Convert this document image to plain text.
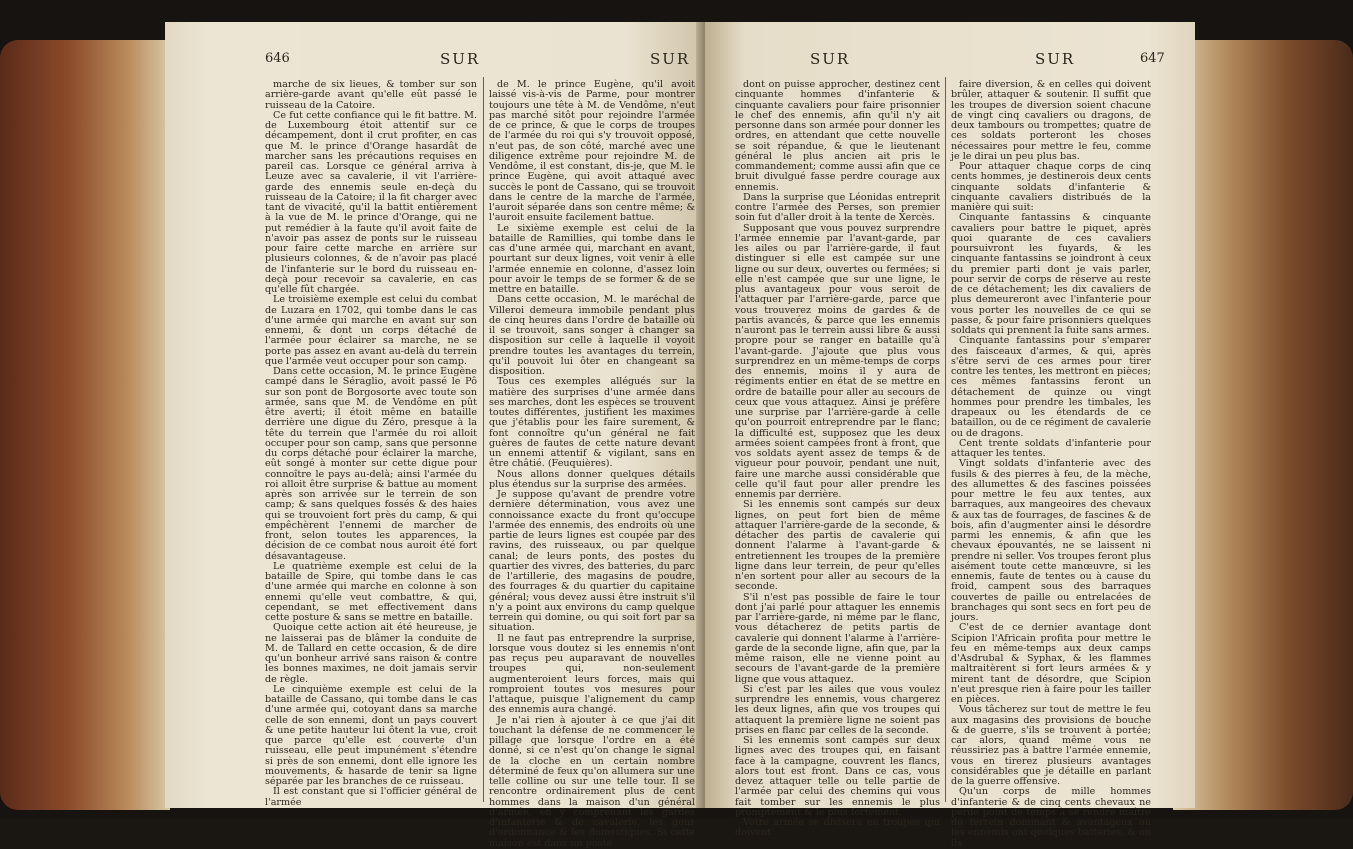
646	SUR	SUR

marche de six lieues, & tomber sur son arrière-garde avant qu'elle eût passé le ruisseau de la Catoire.

Ce fut cette confiance qui le fit battre. M. de Luxembourg étoit attentif sur ce décampement, dont il crut profiter, en cas que M. le prince d'Orange hasardât de marcher sans les précautions requises en pareil cas. Lorsque ce général arriva à Leuze avec sa cavalerie, il vit l'arrière-garde des ennemis seule en-deçà du ruisseau de la Catoire; il la fit charger avec tant de vivacité, qu'il la battit entièrement à la vue de M. le prince d'Orange, qui ne put remédier à la faute qu'il avoit faite de n'avoir pas assez de ponts sur le ruisseau pour faire cette marche en arrière sur plusieurs colonnes, & de n'avoir pas placé de l'infanterie sur le bord du ruisseau en-deçà pour recevoir sa cavalerie, en cas qu'elle fût chargée.

Le troisième exemple est celui du combat de Luzara en 1702, qui tombe dans le cas d'une armée qui marche en avant sur son ennemi, & dont un corps détaché de l'armée pour éclairer sa marche, ne se porte pas assez en avant au-delà du terrein que l'armée veut occuper pour son camp.

Dans cette occasion, M. le prince Eugène campé dans le Séraglio, avoit passé le Pô sur son pont de Borgosorte avec toute son armée, sans que M. de Vendôme en pût être averti; il étoit même en bataille derrière une digue du Zéro, presque à la tête du terrein que l'armée du roi alloit occuper pour son camp, sans que personne du corps détaché pour éclairer la marche, eût songé à monter sur cette digue pour connoître le pays au-delà; ainsi l'armée du roi alloit être surprise & battue au moment après son arrivée sur le terrein de son camp; & sans quelques fossés & des haies qui se trouvoient fort près du camp, & qui empêchèrent l'ennemi de marcher de front, selon toutes les apparences, la décision de ce combat nous auroit été fort désavantageuse.

Le quatrième exemple est celui de la bataille de Spire, qui tombe dans le cas d'une armée qui marche en colonne à son ennemi qu'elle veut combattre, & qui, cependant, se met effectivement dans cette posture & sans se mettre en bataille.

Quoique cette action ait été heureuse, je ne laisserai pas de blâmer la conduite de M. de Tallard en cette occasion, & de dire qu'un bonheur arrivé sans raison & contre les bonnes maximes, ne doit jamais servir de règle.

Le cinquième exemple est celui de la bataille de Cassano, qui tombe dans le cas d'une armée qui, cotoyant dans sa marche celle de son ennemi, dont un pays couvert & une petite hauteur lui ôtent la vue, croit que parce qu'elle est couverte d'un ruisseau, elle peut impunément s'étendre si près de son ennemi, dont elle ignore les mouvements, & hasarde de tenir sa ligne séparée par les branches de ce ruisseau.

Il est constant que si l'officier général de l'armée

de M. le prince Eugène, qu'il avoit laissé vis-à-vis de Parme, pour montrer toujours une tête à M. de Vendôme, n'eut pas marché sitôt pour rejoindre l'armée de ce prince, & que le corps de troupes de l'armée du roi qui s'y trouvoit opposé, n'eut pas, de son côté, marché avec une diligence extrême pour rejoindre M. de Vendôme, il est constant, dis-je, que M. le prince Eugène, qui avoit attaqué avec succès le pont de Cassano, qui se trouvoit dans le centre de la marche de l'armée, l'auroit séparée dans son centre même; & l'auroit ensuite facilement battue.

Le sixième exemple est celui de la bataille de Ramillies, qui tombe dans le cas d'une armée qui, marchant en avant, pourtant sur deux lignes, voit venir à elle l'armée ennemie en colonne, d'assez loin pour avoir le temps de se former & de se mettre en bataille.

Dans cette occasion, M. le maréchal de Villeroi demeura immobile pendant plus de cinq heures dans l'ordre de bataille où il se trouvoit, sans songer à changer sa disposition sur celle à laquelle il voyoit prendre toutes les avantages du terrein, qu'il pouvoit lui ôter en changeant sa disposition.

Tous ces exemples allégués sur la matière des surprises d'une armée dans ses marches, dont les espèces se trouvent toutes différentes, justifient les maximes que j'établis pour les faire surement, & font connoître qu'un général ne fait guères de fautes de cette nature devant un ennemi attentif & vigilant, sans en être châtié. (Feuquières).

Nous allons donner quelques détails plus étendus sur la surprise des armées.

Je suppose qu'avant de prendre votre dernière détermination, vous avez une connoissance exacte du front qu'occupe l'armée des ennemis, des endroits où une partie de leurs lignes est coupée par des ravins, des ruisseaux, ou par quelque canal; de leurs ponts, des postes du quartier des vivres, des batteries, du parc de l'artillerie, des magasins de poudre, des fourrages & du quartier du capitaine général; vous devez aussi être instruit s'il n'y a point aux environs du camp quelque terrein qui domine, ou qui soit fort par sa situation.

Il ne faut pas entreprendre la surprise, lorsque vous doutez si les ennemis n'ont pas reçus peu auparavant de nouvelles troupes qui, non-seulement augmenteroient leurs forces, mais qui romproient toutes vos mesures pour l'attaque, puisque l'alignement du camp des ennemis aura changé.

Je n'ai rien à ajouter à ce que j'ai dit touchant la défense de ne commencer le pillage que lorsque l'ordre en a été donné, si ce n'est qu'on change le signal de la cloche en un certain nombre déterminé de feux qu'on allumera sur une telle colline ou sur une telle tour. Il se rencontre ordinairement plus de cent hommes dans la maison d'un général d'armée, en y comprenant les gardes d'infanterie & de cavalerie, les gens d'ordonnance & les domestiques. Si cette maison est dans un poste

SUR	SUR	647

dont on puisse approcher, destinez cent cinquante hommes d'infanterie & cinquante cavaliers pour faire prisonnier le chef des ennemis, afin qu'il n'y ait personne dans son armée pour donner les ordres, en attendant que cette nouvelle se soit répandue, & que le lieutenant général le plus ancien ait pris le commandement; comme aussi afin que ce bruit divulgué fasse perdre courage aux ennemis.

Dans la surprise que Léonidas entreprit contre l'armée des Perses, son premier soin fut d'aller droit à la tente de Xercès.

Supposant que vous pouvez surprendre l'armée ennemie par l'avant-garde, par les ailes ou par l'arrière-garde, il faut distinguer si elle est campée sur une ligne ou sur deux, ouvertes ou fermées; si elle n'est campée que sur une ligne, le plus avantageux pour vous seroit de l'attaquer par l'arrière-garde, parce que vous trouverez moins de gardes & de partis avancés, & parce que les ennemis n'auront pas le terrein aussi libre & aussi propre pour se ranger en bataille qu'à l'avant-garde. J'ajoute que plus vous surprendrez en un même-temps de corps des ennemis, moins il y aura de régiments entier en état de se mettre en ordre de bataille pour aller au secours de ceux que vous attaquez. Ainsi je préfère une surprise par l'arrière-garde à celle qu'on pourroit entreprendre par le flanc; la difficulté est, supposez que les deux armées soient campées front à front, que vos soldats ayent assez de temps & de vigueur pour pouvoir, pendant une nuit, faire une marche aussi considérable que celle qu'il faut pour aller prendre les ennemis par derrière.

Si les ennemis sont campés sur deux lignes, on peut fort bien de même attaquer l'arrière-garde de la seconde, & détacher des partis de cavalerie qui donnent l'alarme à l'avant-garde & entretiennent les troupes de la première ligne dans leur terrein, de peur qu'elles n'en sortent pour aller au secours de la seconde.

S'il n'est pas possible de faire le tour dont j'ai parlé pour attaquer les ennemis par l'arrière-garde, ni même par le flanc, vous détacherez de petits partis de cavalerie qui donnent l'alarme à l'arrière-garde de la seconde ligne, afin que, par la même raison, elle ne vienne point au secours de l'avant-garde de la première ligne que vous attaquez.

Si c'est par les ailes que vous voulez surprendre les ennemis, vous chargerez les deux lignes, afin que vos troupes qui attaquent la première ligne ne soient pas prises en flanc par celles de la seconde.

Si les ennemis sont campés sur deux lignes avec des troupes qui, en faisant face à la campagne, couvrent les flancs, alors tout est front. Dans ce cas, vous devez attaquer telle ou telle partie de l'armée par celui des chemins qui vous fait tomber sur les ennemis le plus promptement & le plus fortement.

Votre armée se divisera en troupes qui doivent

faire diversion, & en celles qui doivent brûler, attaquer & soutenir. Il suffit que les troupes de diversion soient chacune de vingt cinq cavaliers ou dragons, de deux tambours ou trompettes; quatre de ces soldats porteront les choses nécessaires pour mettre le feu, comme je le dirai un peu plus bas.

Pour attaquer chaque corps de cinq cents hommes, je destinerois deux cents cinquante soldats d'infanterie & cinquante cavaliers distribués de la manière qui suit:

Cinquante fantassins & cinquante cavaliers pour battre le piquet, après quoi quarante de ces cavaliers poursuivront les fuyards, & les cinquante fantassins se joindront à ceux du premier parti dont je vais parler, pour servir de corps de réserve au reste de ce détachement; les dix cavaliers de plus demeureront avec l'infanterie pour vous porter les nouvelles de ce qui se passe, & pour faire prisonniers quelques soldats qui prennent la fuite sans armes.

Cinquante fantassins pour s'emparer des faisceaux d'armes, & qui, après s'être servi de ces armes pour tirer contre les tentes, les mettront en pièces; ces mêmes fantassins feront un détachement de quinze ou vingt hommes pour prendre les timbales, les drapeaux ou les étendards de ce bataillon, ou de ce régiment de cavalerie ou de dragons.

Cent trente soldats d'infanterie pour attaquer les tentes.

Vingt soldats d'infanterie avec des fusils & des pierres à feu, de la mèche, des allumettes & des fascines poissées pour mettre le feu aux tentes, aux barraques, aux mangeoires des chevaux & aux tas de fourrages, de fascines & de bois, afin d'augmenter ainsi le désordre parmi les ennemis, & afin que les chevaux épouvantés, ne se laissent ni prendre ni seller. Vos troupes feront plus aisément toute cette manœuvre, si les ennemis, faute de tentes ou à cause du froid, campent sous des barraques couvertes de paille ou entrelacées de branchages qui sont secs en fort peu de jours.

C'est de ce dernier avantage dont Scipion l'Africain profita pour mettre le feu en même-temps aux deux camps d'Asdrubal & Syphax, & les flammes maltraitèrent si fort leurs armées & y mirent tant de désordre, que Scipion n'eut presque rien à faire pour les tailler en pièces.

Vous tâcherez sur tout de mettre le feu aux magasins des provisions de bouche & de guerre, s'ils se trouvent à portée; car alors, quand même vous ne réussiriez pas à battre l'armée ennemie, vous en tirerez plusieurs avantages considérables que je détaille en parlant de la guerre offensive.

Qu'un corps de mille hommes d'infanterie & de cinq cents chevaux ne perde point de temps à se rendre maître du terrein dominant & avantageux où les ennemis ont quelques batteries, & où ils
